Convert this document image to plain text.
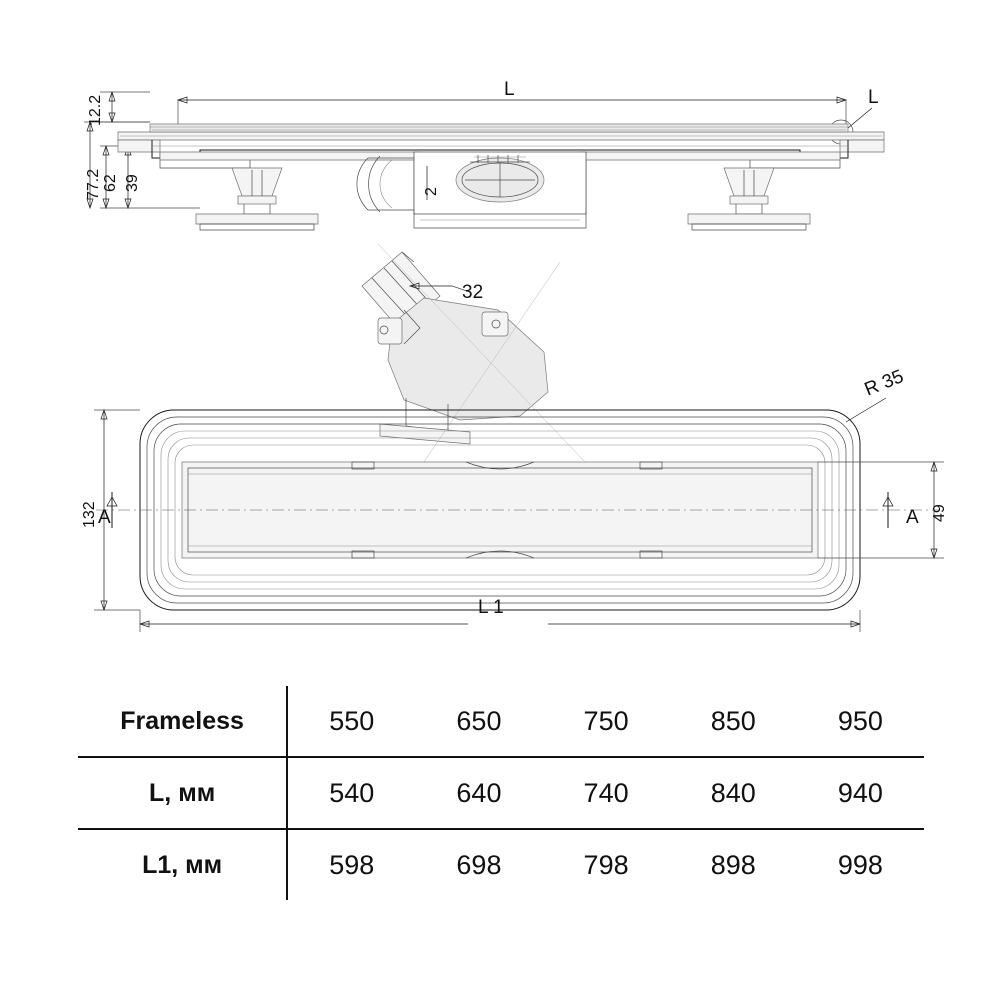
L	L
12.2
39
62
77.2	2
32
R 35
132	49
A	A
L 1
Frameless	550	650	750	850	950
L, мм	540	640	740	840	940
L1, мм	598	698	798	898	998
